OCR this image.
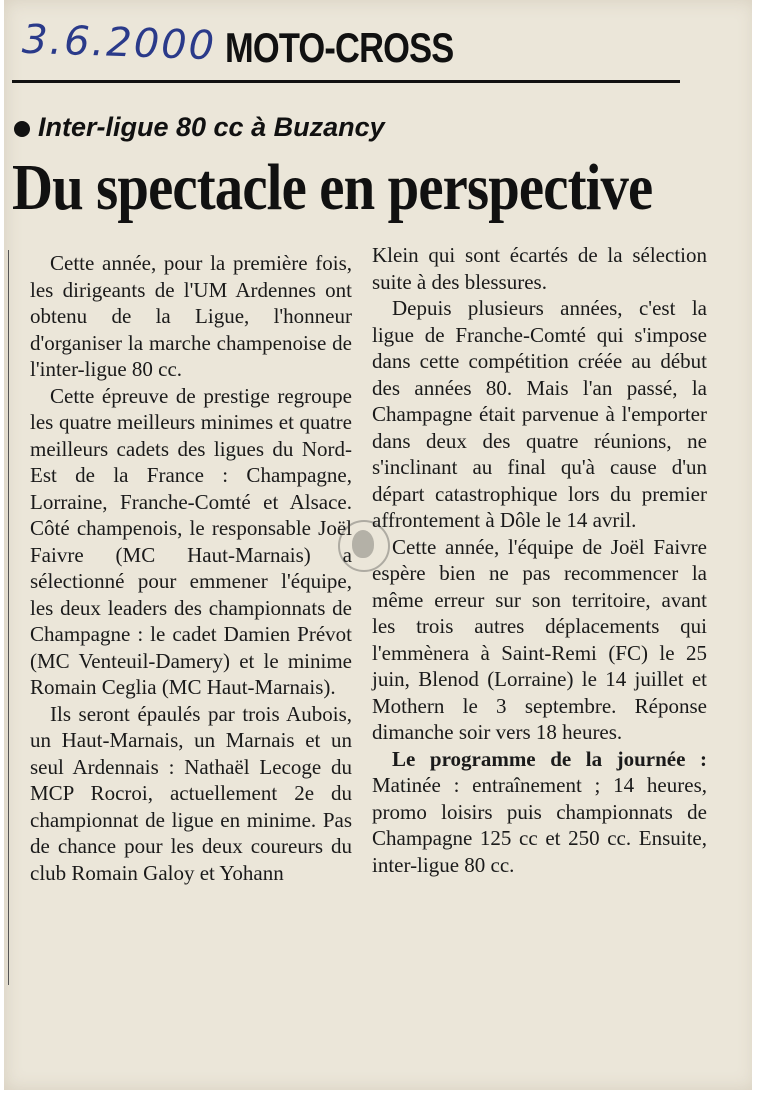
3.6.2000 MOTO-CROSS
Inter-ligue 80 cc à Buzancy
Du spectacle en perspective

Cette année, pour la première fois, les dirigeants de l'UM Ardennes ont obtenu de la Ligue, l'honneur d'organiser la marche champenoise de l'inter-ligue 80 cc.

Cette épreuve de prestige regroupe les quatre meilleurs minimes et quatre meilleurs cadets des ligues du Nord-Est de la France : Champagne, Lorraine, Franche-Comté et Alsace. Côté champenois, le responsable Joël Faivre (MC Haut-Marnais) a sélectionné pour emmener l'équipe, les deux leaders des championnats de Champagne : le cadet Damien Prévot (MC Venteuil-Damery) et le minime Romain Ceglia (MC Haut-Marnais).

Ils seront épaulés par trois Aubois, un Haut-Marnais, un Marnais et un seul Ardennais : Nathaël Lecoge du MCP Rocroi, actuellement 2e du championnat de ligue en minime. Pas de chance pour les deux coureurs du club Romain Galoy et Yohann

Klein qui sont écartés de la sélection suite à des blessures.

Depuis plusieurs années, c'est la ligue de Franche-Comté qui s'impose dans cette compétition créée au début des années 80. Mais l'an passé, la Champagne était parvenue à l'emporter dans deux des quatre réunions, ne s'inclinant au final qu'à cause d'un départ catastrophique lors du premier affrontement à Dôle le 14 avril.

Cette année, l'équipe de Joël Faivre espère bien ne pas recommencer la même erreur sur son territoire, avant les trois autres déplacements qui l'emmènera à Saint-Remi (FC) le 25 juin, Blenod (Lorraine) le 14 juillet et Mothern le 3 septembre. Réponse dimanche soir vers 18 heures.

Le programme de la journée : Matinée : entraînement ; 14 heures, promo loisirs puis championnats de Champagne 125 cc et 250 cc. Ensuite, inter-ligue 80 cc.
